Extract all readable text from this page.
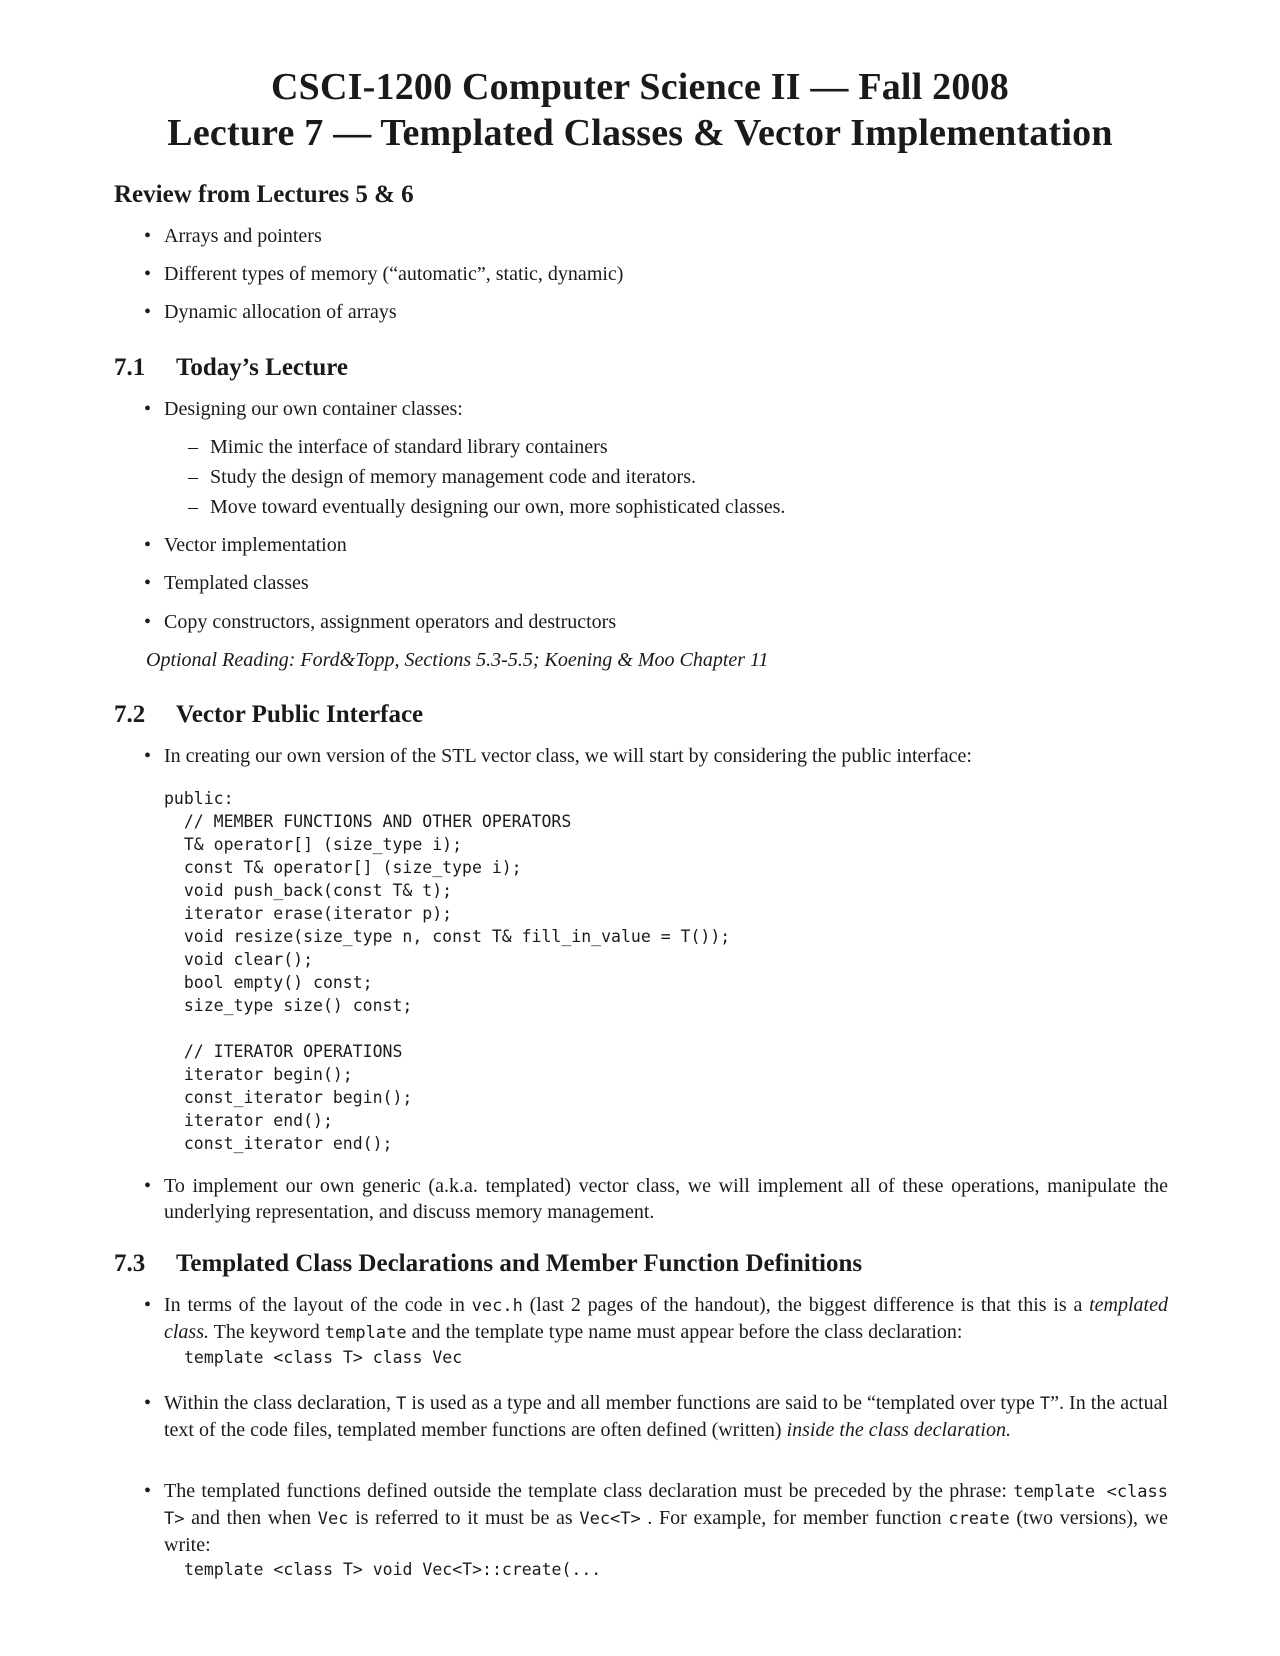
CSCI-1200 Computer Science II — Fall 2008
Lecture 7 — Templated Classes & Vector Implementation
Review from Lectures 5 & 6
• Arrays and pointers
• Different types of memory (“automatic”, static, dynamic)
• Dynamic allocation of arrays
7.1 Today’s Lecture
• Designing our own container classes:
– Mimic the interface of standard library containers
– Study the design of memory management code and iterators.
– Move toward eventually designing our own, more sophisticated classes.
• Vector implementation
• Templated classes
• Copy constructors, assignment operators and destructors
Optional Reading: Ford&Topp, Sections 5.3-5.5; Koening & Moo Chapter 11
7.2 Vector Public Interface
• In creating our own version of the STL vector class, we will start by considering the public interface:
public:
// MEMBER FUNCTIONS AND OTHER OPERATORS
T& operator[] (size_type i);
const T& operator[] (size_type i);
void push_back(const T& t);
iterator erase(iterator p);
void resize(size_type n, const T& fill_in_value = T());
void clear();
bool empty() const;
size_type size() const;
// ITERATOR OPERATIONS
iterator begin();
const_iterator begin();
iterator end();
const_iterator end();
• To implement our own generic (a.k.a. templated) vector class, we will implement all of these operations, manipulate the underlying representation, and discuss memory management.
7.3 Templated Class Declarations and Member Function Definitions
• In terms of the layout of the code in vec.h (last 2 pages of the handout), the biggest difference is that this is a templated class. The keyword template and the template type name must appear before the class declaration:
template <class T> class Vec
• Within the class declaration, T is used as a type and all member functions are said to be “templated over type T”. In the actual text of the code files, templated member functions are often defined (written) inside the class declaration.
• The templated functions defined outside the template class declaration must be preceded by the phrase: template <class T> and then when Vec is referred to it must be as Vec<T> . For example, for member function create (two versions), we write:
template <class T> void Vec<T>::create(...
